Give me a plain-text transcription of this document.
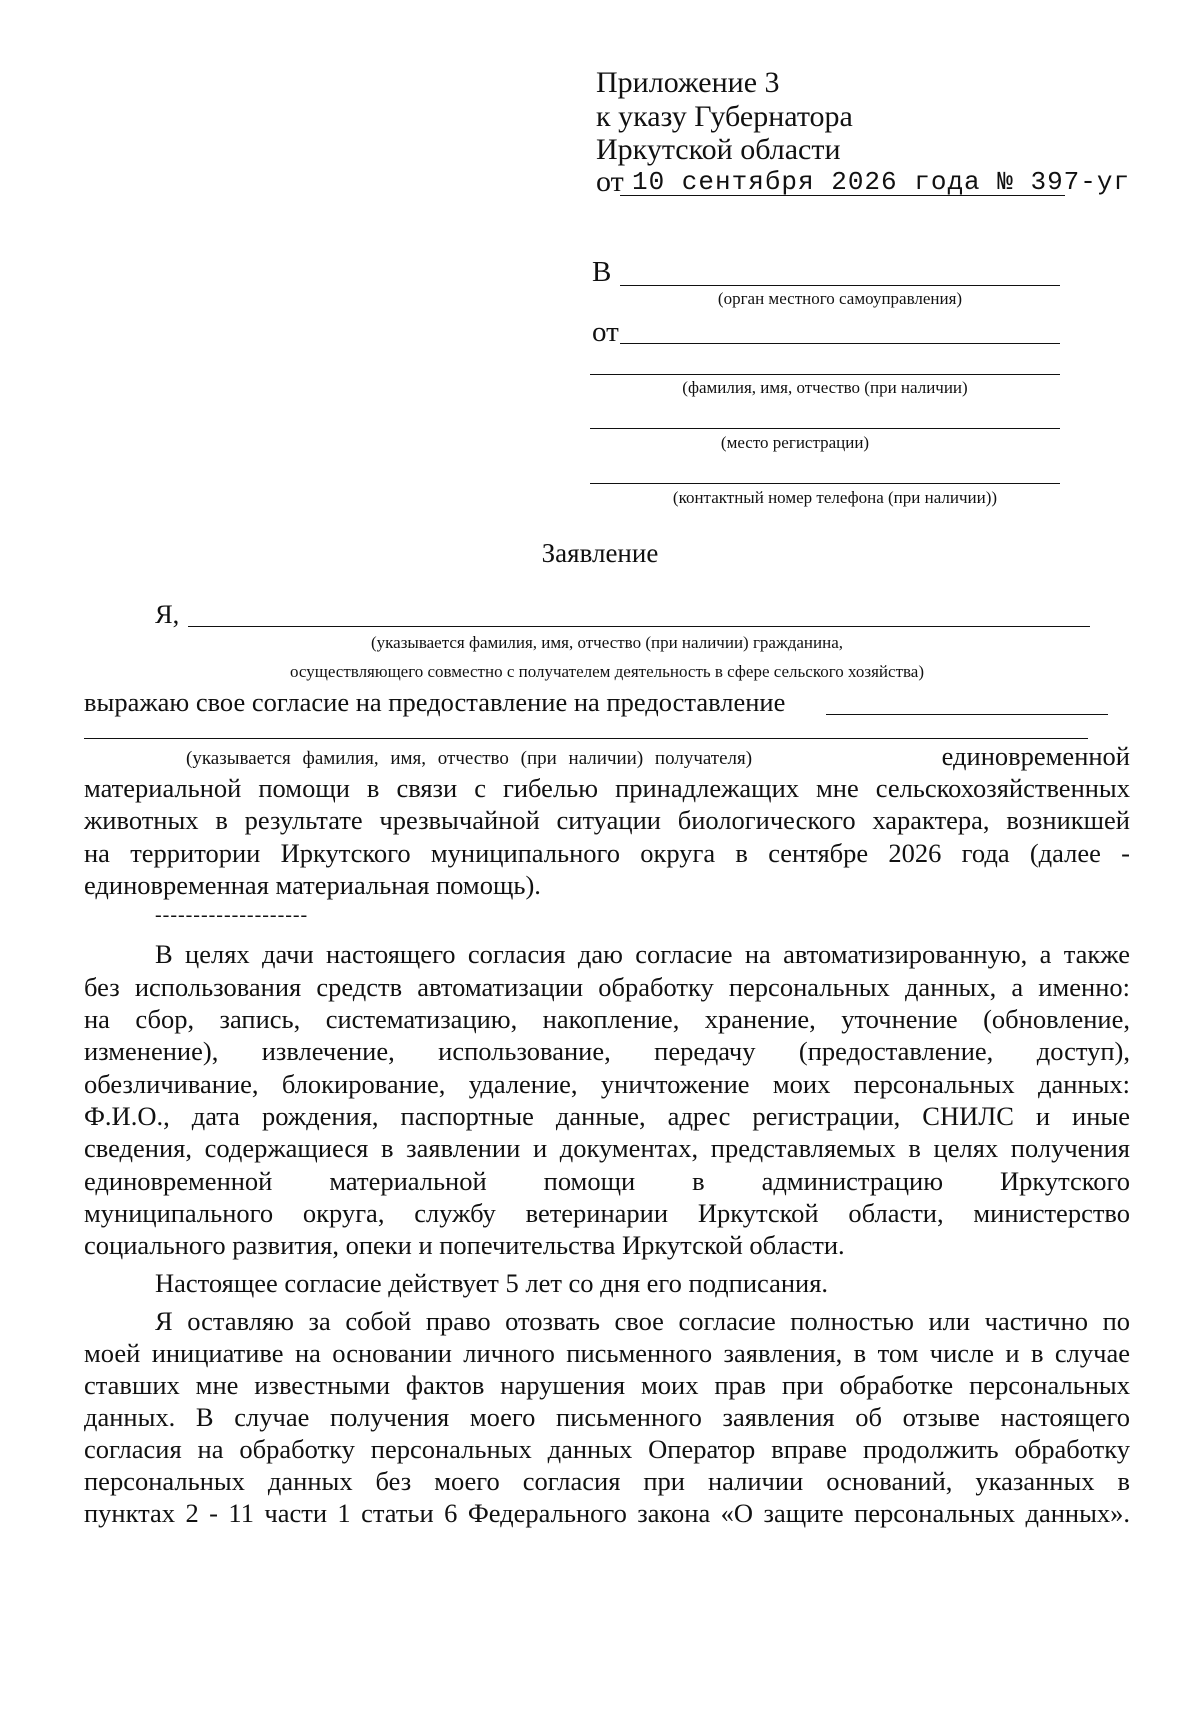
Приложение 3
к указу Губернатора
Иркутской области
от 10 сентября 2026 года № 397-уг
В
(орган местного самоуправления)
от
(фамилия, имя, отчество (при наличии)
(место регистрации)
(контактный номер телефона (при наличии))
Заявление
Я,
(указывается фамилия, имя, отчество (при наличии) гражданина,
осуществляющего совместно с получателем деятельность в сфере сельского хозяйства)
выражаю свое согласие на предоставление на предоставление
(указывается фамилия, имя, отчество (при наличии) получателя)	единовременной
материальной помощи в связи с гибелью принадлежащих мне сельскохозяйственных
животных в результате чрезвычайной ситуации биологического характера, возникшей
на территории Иркутского муниципального округа в сентябре 2026 года (далее -
единовременная материальная помощь).
--------------------
В целях дачи настоящего согласия даю согласие на автоматизированную, а также
без использования средств автоматизации обработку персональных данных, а именно:
на сбор, запись, систематизацию, накопление, хранение, уточнение (обновление,
изменение), извлечение, использование, передачу (предоставление, доступ),
обезличивание, блокирование, удаление, уничтожение моих персональных данных:
Ф.И.О., дата рождения, паспортные данные, адрес регистрации, СНИЛС и иные
сведения, содержащиеся в заявлении и документах, представляемых в целях получения
единовременной материальной помощи в администрацию Иркутского
муниципального округа, службу ветеринарии Иркутской области, министерство
социального развития, опеки и попечительства Иркутской области.
Настоящее согласие действует 5 лет со дня его подписания.
Я оставляю за собой право отозвать свое согласие полностью или частично по
моей инициативе на основании личного письменного заявления, в том числе и в случае
ставших мне известными фактов нарушения моих прав при обработке персональных
данных. В случае получения моего письменного заявления об отзыве настоящего
согласия на обработку персональных данных Оператор вправе продолжить обработку
персональных данных без моего согласия при наличии оснований, указанных в
пунктах 2 - 11 части 1 статьи 6 Федерального закона «О защите персональных данных».
